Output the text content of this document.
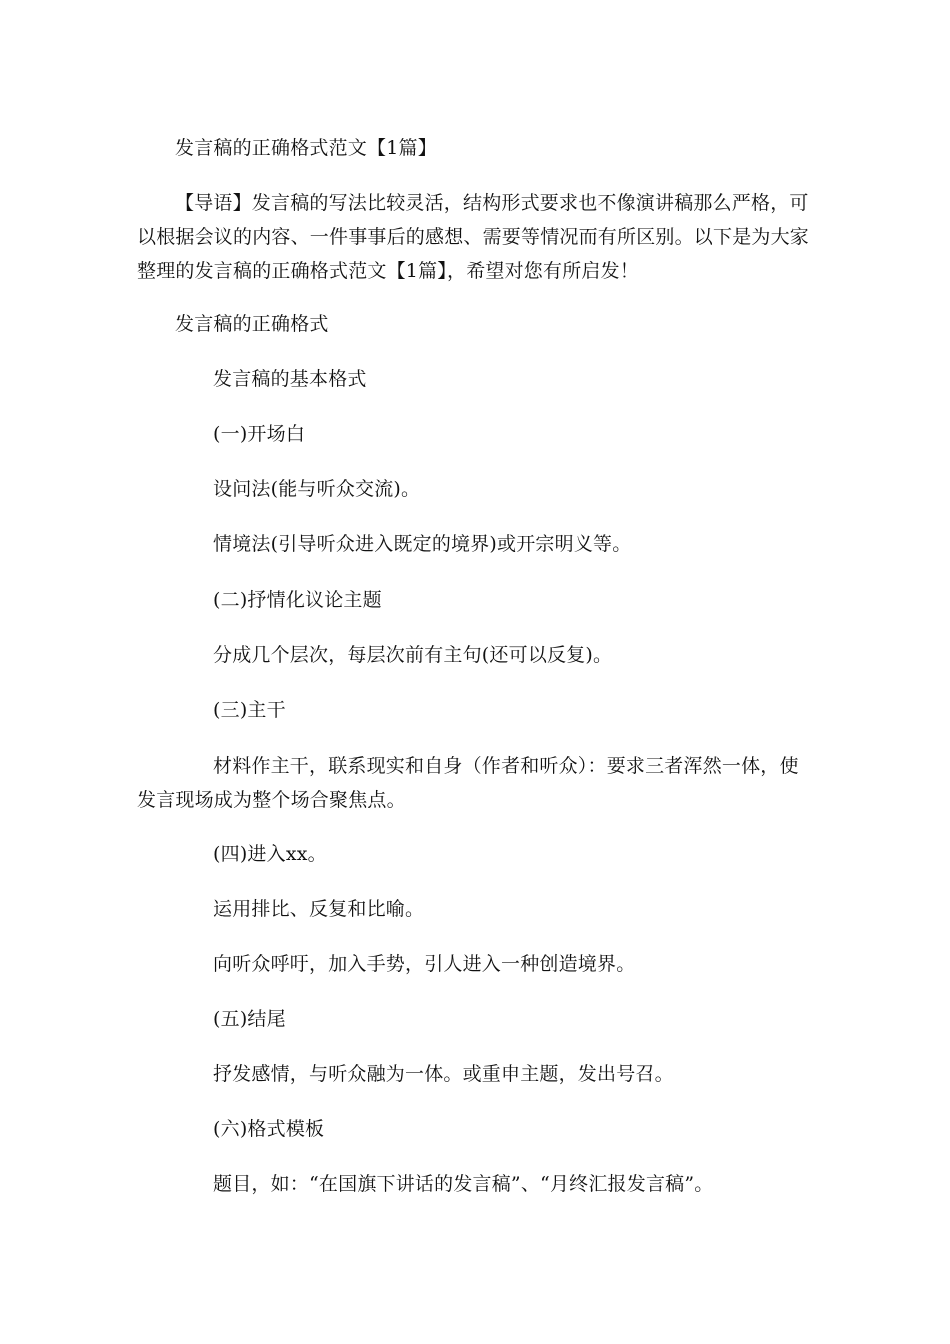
发言稿的正确格式范文【1篇】
【导语】发言稿的写法比较灵活，结构形式要求也不像演讲稿那么严格，可以根据会议的内容、一件事事后的感想、需要等情况而有所区别。以下是为大家整理的发言稿的正确格式范文【1篇】，希望对您有所启发！
发言稿的正确格式
发言稿的基本格式
(一)开场白
设问法(能与听众交流)。
情境法(引导听众进入既定的境界)或开宗明义等。
(二)抒情化议论主题
分成几个层次，每层次前有主句(还可以反复)。
(三)主干
材料作主干，联系现实和自身（作者和听众）：要求三者浑然一体，使发言现场成为整个场合聚焦点。
(四)进入xx。
运用排比、反复和比喻。
向听众呼吁，加入手势，引人进入一种创造境界。
(五)结尾
抒发感情，与听众融为一体。或重申主题，发出号召。
(六)格式模板
题目，如：“在国旗下讲话的发言稿”、“月终汇报发言稿”。
